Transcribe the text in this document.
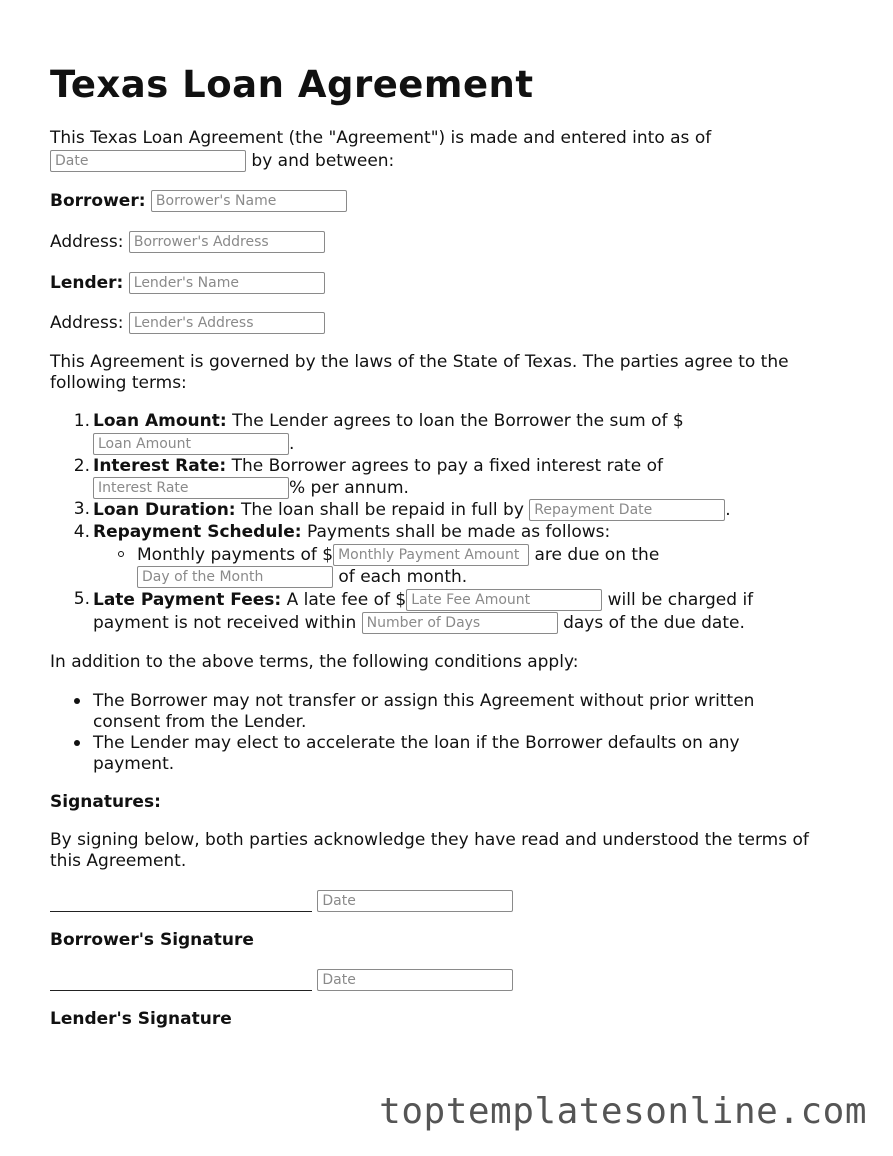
Texas Loan Agreement
This Texas Loan Agreement (the "Agreement") is made and entered into as of
Date by and between:
Borrower: Borrower's Name
Address: Borrower's Address
Lender: Lender's Name
Address: Lender's Address
This Agreement is governed by the laws of the State of Texas. The parties agree to the
following terms:
1. Loan Amount: The Lender agrees to loan the Borrower the sum of $
Loan Amount.
2. Interest Rate: The Borrower agrees to pay a fixed interest rate of
Interest Rate% per annum.
3. Loan Duration: The loan shall be repaid in full by Repayment Date	.
4. Repayment Schedule: Payments shall be made as follows:
Monthly payments of $Monthly Payment Amount	are due on the
Day of the Month of each month.
5. Late Payment Fees: A late fee of $Late Fee Amount	will be charged if
payment is not received within Number of Days	days of the due date.
In addition to the above terms, the following conditions apply:
The Borrower may not transfer or assign this Agreement without prior written
consent from the Lender.
The Lender may elect to accelerate the loan if the Borrower defaults on any
payment.
Signatures:
By signing below, both parties acknowledge they have read and understood the terms of
this Agreement.
Date
Borrower's Signature
Date
Lender's Signature
toptemplatesonline.com
